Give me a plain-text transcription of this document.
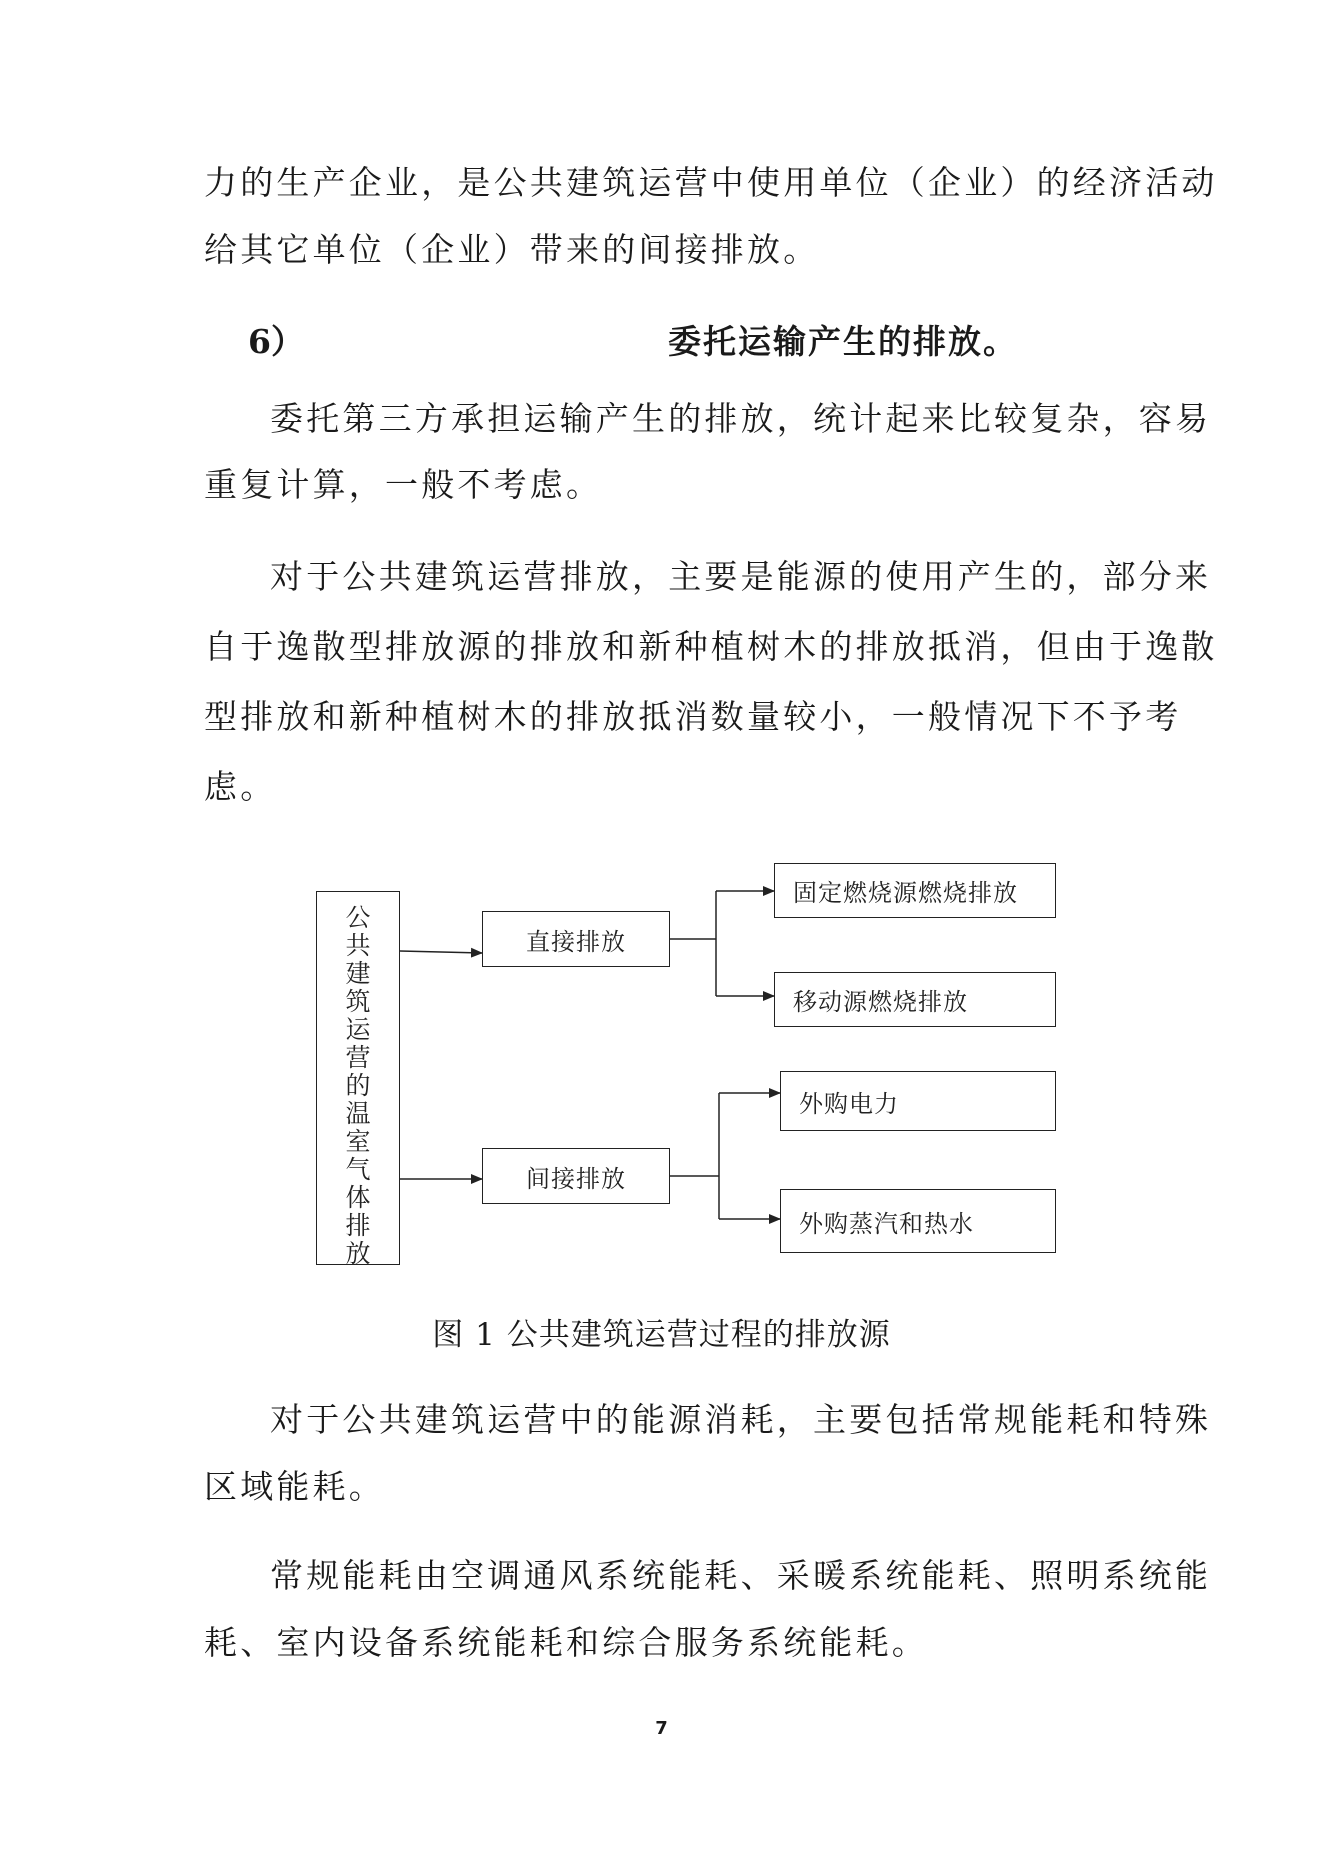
力的生产企业，是公共建筑运营中使用单位（企业）的经济活动
给其它单位（企业）带来的间接排放。
6）	委托运输产生的排放。
委托第三方承担运输产生的排放，统计起来比较复杂，容易
重复计算，一般不考虑。
对于公共建筑运营排放，主要是能源的使用产生的，部分来
自于逸散型排放源的排放和新种植树木的排放抵消，但由于逸散
型排放和新种植树木的排放抵消数量较小，一般情况下不予考
虑。
公
共
建
筑
运
营
的
温
室
气
体
排
放
直接排放
间接排放
固定燃烧源燃烧排放
移动源燃烧排放
外购电力
外购蒸汽和热水
图 1 公共建筑运营过程的排放源
对于公共建筑运营中的能源消耗，主要包括常规能耗和特殊
区域能耗。
常规能耗由空调通风系统能耗、采暖系统能耗、照明系统能
耗、室内设备系统能耗和综合服务系统能耗。
7
